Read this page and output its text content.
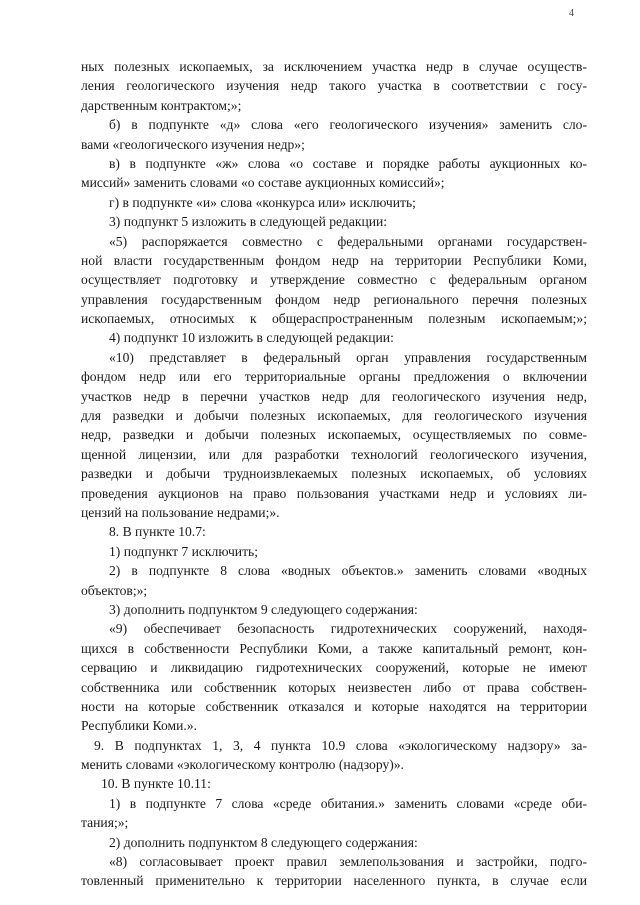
4
ных полезных ископаемых, за исключением участка недр в случае осуществ-
ления геологического изучения недр такого участка в соответствии с госу-
дарственным контрактом;»;
б) в подпункте «д» слова «его геологического изучения» заменить сло-
вами «геологического изучения недр»;
в) в подпункте «ж» слова «о составе и порядке работы аукционных ко-
миссий» заменить словами «о составе аукционных комиссий»;
г) в подпункте «и» слова «конкурса или» исключить;
3) подпункт 5 изложить в следующей редакции:
«5) распоряжается совместно с федеральными органами государствен-
ной власти государственным фондом недр на территории Республики Коми,
осуществляет подготовку и утверждение совместно с федеральным органом
управления государственным фондом недр регионального перечня полезных
ископаемых, относимых к общераспространенным полезным ископаемым;»;
4) подпункт 10 изложить в следующей редакции:
«10) представляет в федеральный орган управления государственным
фондом недр или его территориальные органы предложения о включении
участков недр в перечни участков недр для геологического изучения недр,
для разведки и добычи полезных ископаемых, для геологического изучения
недр, разведки и добычи полезных ископаемых, осуществляемых по совме-
щенной лицензии, или для разработки технологий геологического изучения,
разведки и добычи трудноизвлекаемых полезных ископаемых, об условиях
проведения аукционов на право пользования участками недр и условиях ли-
цензий на пользование недрами;».
8. В пункте 10.7:
1) подпункт 7 исключить;
2) в подпункте 8 слова «водных объектов.» заменить словами «водных
объектов;»;
3) дополнить подпунктом 9 следующего содержания:
«9) обеспечивает безопасность гидротехнических сооружений, находя-
щихся в собственности Республики Коми, а также капитальный ремонт, кон-
сервацию и ликвидацию гидротехнических сооружений, которые не имеют
собственника или собственник которых неизвестен либо от права собствен-
ности на которые собственник отказался и которые находятся на территории
Республики Коми.».
9. В подпунктах 1, 3, 4 пункта 10.9 слова «экологическому надзору» за-
менить словами «экологическому контролю (надзору)».
10. В пункте 10.11:
1) в подпункте 7 слова «среде обитания.» заменить словами «среде оби-
тания;»;
2) дополнить подпунктом 8 следующего содержания:
«8) согласовывает проект правил землепользования и застройки, подго-
товленный применительно к территории населенного пункта, в случае если
